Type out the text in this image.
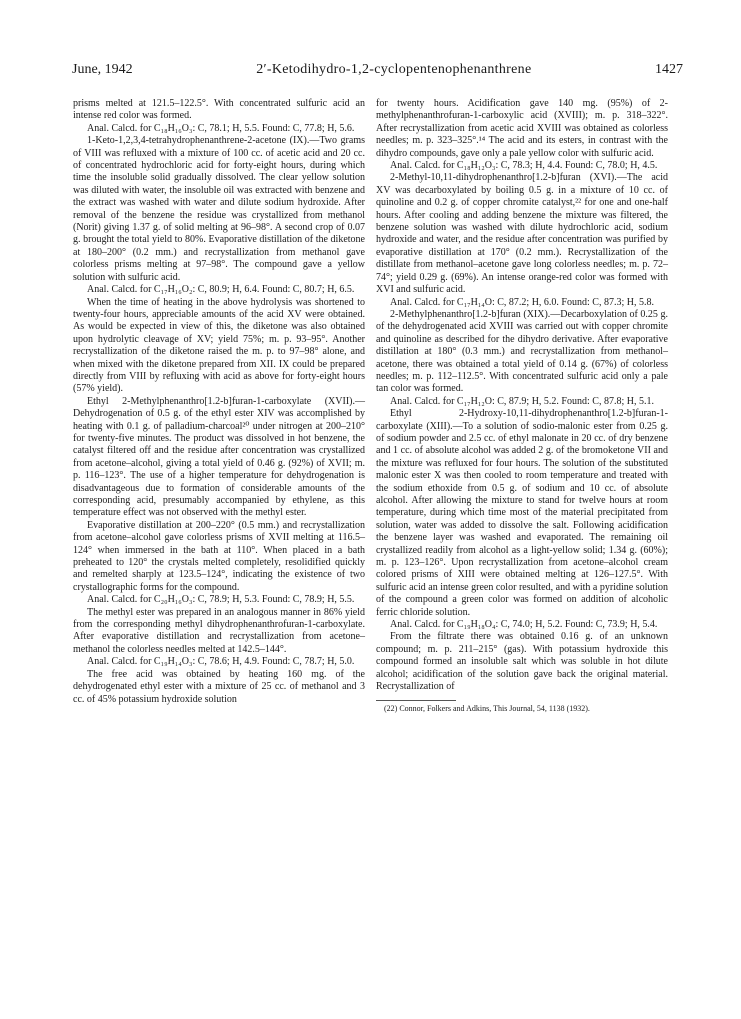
June, 1942	2′-Ketodihydro-1,2-cyclopentenophenanthrene	1427

prisms melted at 121.5–122.5°. With concentrated sulfuric acid an intense red color was formed.

Anal. Calcd. for C₁₈H₁₆O₃: C, 78.1; H, 5.5. Found: C, 77.8; H, 5.6.

1-Keto-1,2,3,4-tetrahydrophenanthrene-2-acetone (IX).—Two grams of VIII was refluxed with a mixture of 100 cc. of acetic acid and 20 cc. of concentrated hydrochloric acid for forty-eight hours, during which time the insoluble solid gradually dissolved. The clear yellow solution was diluted with water, the insoluble oil was extracted with benzene and the extract was washed with water and dilute sodium hydroxide. After removal of the benzene the residue was crystallized from methanol (Norit) giving 1.37 g. of solid melting at 96–98°. A second crop of 0.07 g. brought the total yield to 80%. Evaporative distillation of the diketone at 180–200° (0.2 mm.) and recrystallization from methanol gave colorless prisms melting at 97–98°. The compound gave a yellow solution with sulfuric acid.

Anal. Calcd. for C₁₇H₁₆O₂: C, 80.9; H, 6.4. Found: C, 80.7; H, 6.5.

When the time of heating in the above hydrolysis was shortened to twenty-four hours, appreciable amounts of the acid XV were obtained. As would be expected in view of this, the diketone was also obtained upon hydrolytic cleavage of XV; yield 75%; m. p. 93–95°. Another recrystallization of the diketone raised the m. p. to 97–98° alone, and when mixed with the diketone prepared from XII. IX could be prepared directly from VIII by refluxing with acid as above for forty-eight hours (57% yield).

Ethyl 2-Methylphenanthro[1.2-b]furan-1-carboxylate (XVII).—Dehydrogenation of 0.5 g. of the ethyl ester XIV was accomplished by heating with 0.1 g. of palladium-charcoal²⁰ under nitrogen at 200–210° for twenty-five minutes. The product was dissolved in hot benzene, the catalyst filtered off and the residue after concentration was crystallized from acetone–alcohol, giving a total yield of 0.46 g. (92%) of XVII; m. p. 116–123°. The use of a higher temperature for dehydrogenation is disadvantageous due to formation of considerable amounts of the corresponding acid, presumably accompanied by ethylene, as this temperature effect was not observed with the methyl ester.

Evaporative distillation at 200–220° (0.5 mm.) and recrystallization from acetone–alcohol gave colorless prisms of XVII melting at 116.5–124° when immersed in the bath at 110°. When placed in a bath preheated to 120° the crystals melted completely, resolidified quickly and remelted sharply at 123.5–124°, indicating the existence of two crystallographic forms for the compound.

Anal. Calcd. for C₂₀H₁₆O₃: C, 78.9; H, 5.3. Found: C, 78.9; H, 5.5.

The methyl ester was prepared in an analogous manner in 86% yield from the corresponding methyl dihydrophenanthrofuran-1-carboxylate. After evaporative distillation and recrystallization from acetone–methanol the colorless needles melted at 142.5–144°.

Anal. Calcd. for C₁₉H₁₄O₃: C, 78.6; H, 4.9. Found: C, 78.7; H, 5.0.

The free acid was obtained by heating 160 mg. of the dehydrogenated ethyl ester with a mixture of 25 cc. of methanol and 3 cc. of 45% potassium hydroxide solution

for twenty hours. Acidification gave 140 mg. (95%) of 2-methylphenanthrofuran-1-carboxylic acid (XVIII); m. p. 318–322°. After recrystallization from acetic acid XVIII was obtained as colorless needles; m. p. 323–325°.¹⁴ The acid and its esters, in contrast with the dihydro compounds, gave only a pale yellow color with sulfuric acid.

Anal. Calcd. for C₁₈H₁₂O₃: C, 78.3; H, 4.4. Found: C, 78.0; H, 4.5.

2-Methyl-10,11-dihydrophenanthro[1.2-b]furan (XVI).—The acid XV was decarboxylated by boiling 0.5 g. in a mixture of 10 cc. of quinoline and 0.2 g. of copper chromite catalyst,²² for one and one-half hours. After cooling and adding benzene the mixture was filtered, the benzene solution was washed with dilute hydrochloric acid, sodium hydroxide and water, and the residue after concentration was purified by evaporative distillation at 170° (0.2 mm.). Recrystallization of the distillate from methanol–acetone gave long colorless needles; m. p. 72–74°; yield 0.29 g. (69%). An intense orange-red color was formed with XVI and sulfuric acid.

Anal. Calcd. for C₁₇H₁₄O: C, 87.2; H, 6.0. Found: C, 87.3; H, 5.8.

2-Methylphenanthro[1.2-b]furan (XIX).—Decarboxylation of 0.25 g. of the dehydrogenated acid XVIII was carried out with copper chromite and quinoline as described for the dihydro derivative. After evaporative distillation at 180° (0.3 mm.) and recrystallization from methanol–acetone, there was obtained a total yield of 0.14 g. (67%) of colorless needles; m. p. 112–112.5°. With concentrated sulfuric acid only a pale tan color was formed.

Anal. Calcd. for C₁₇H₁₂O: C, 87.9; H, 5.2. Found: C, 87.8; H, 5.1.

Ethyl 2-Hydroxy-10,11-dihydrophenanthro[1.2-b]furan-1-carboxylate (XIII).—To a solution of sodio-malonic ester from 0.25 g. of sodium powder and 2.5 cc. of ethyl malonate in 20 cc. of dry benzene and 1 cc. of absolute alcohol was added 2 g. of the bromoketone VII and the mixture was refluxed for four hours. The solution of the substituted malonic ester X was then cooled to room temperature and treated with the sodium ethoxide from 0.5 g. of sodium and 10 cc. of absolute alcohol. After allowing the mixture to stand for twelve hours at room temperature, during which time most of the material precipitated from solution, water was added to dissolve the salt. Following acidification the benzene layer was washed and evaporated. The remaining oil crystallized readily from alcohol as a light-yellow solid; 1.34 g. (60%); m. p. 123–126°. Upon recrystallization from acetone–alcohol cream colored prisms of XIII were obtained melting at 126–127.5°. With sulfuric acid an intense green color resulted, and with a pyridine solution of the compound a green color was formed on addition of alcoholic ferric chloride solution.

Anal. Calcd. for C₁₉H₁₈O₄: C, 74.0; H, 5.2. Found: C, 73.9; H, 5.4.

From the filtrate there was obtained 0.16 g. of an unknown compound; m. p. 211–215° (gas). With potassium hydroxide this compound formed an insoluble salt which was soluble in hot dilute alcohol; acidification of the solution gave back the original material. Recrystallization of

(22) Connor, Folkers and Adkins, This Journal, 54, 1138 (1932).
